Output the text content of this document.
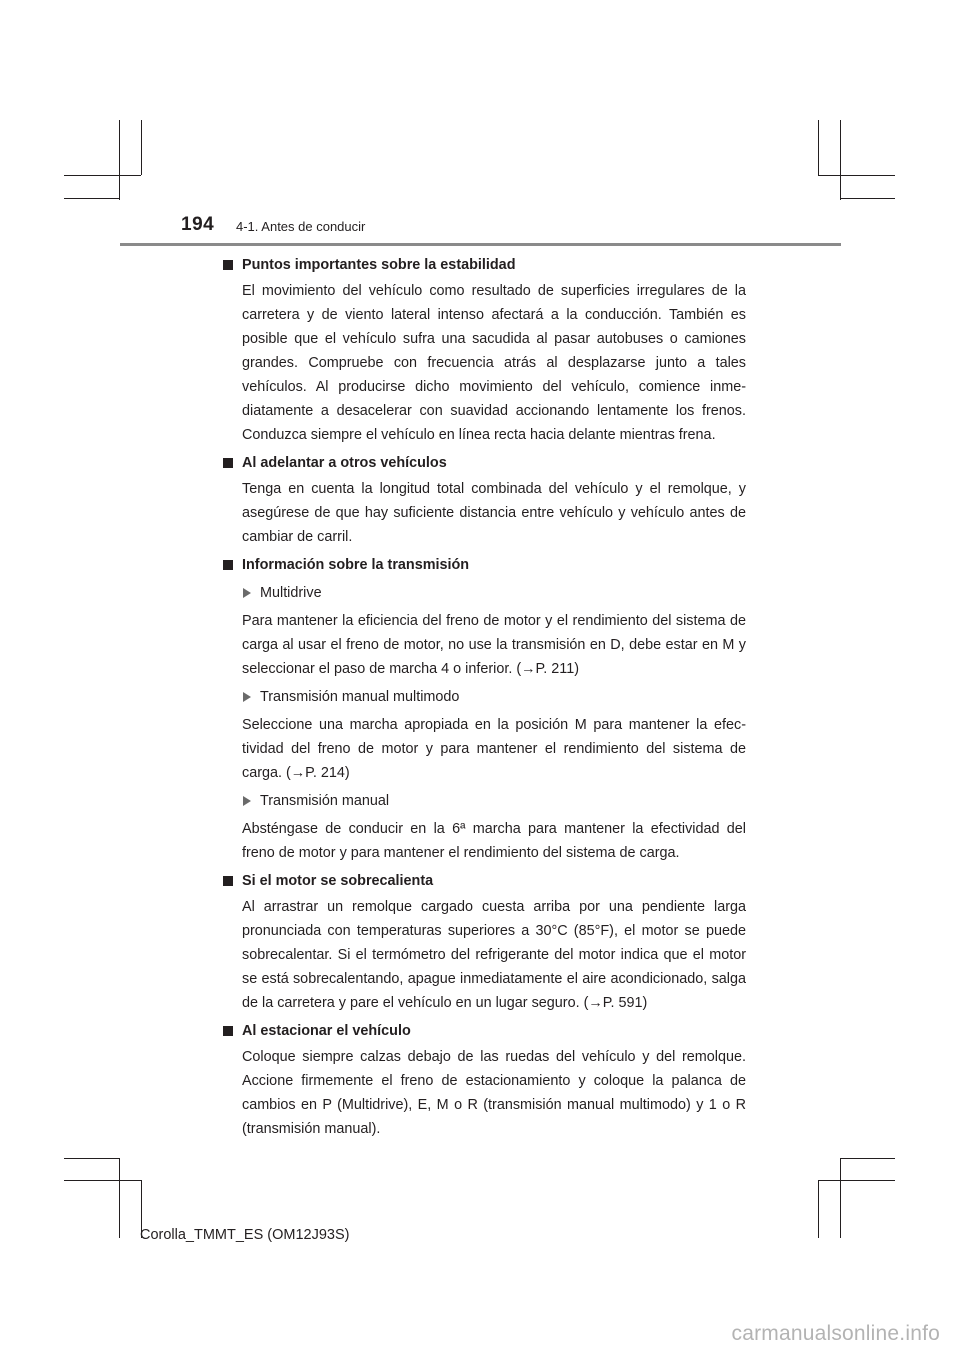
194 4-1. Antes de conducir
Puntos importantes sobre la estabilidad
El movimiento del vehículo como resultado de superficies irregulares de la carretera y de viento lateral intenso afectará a la conducción. También es posible que el vehículo sufra una sacudida al pasar autobuses o camiones grandes. Compruebe con frecuencia atrás al desplazarse junto a tales vehículos. Al producirse dicho movimiento del vehículo, comience inme-diatamente a desacelerar con suavidad accionando lentamente los frenos. Conduzca siempre el vehículo en línea recta hacia delante mientras frena.
Al adelantar a otros vehículos
Tenga en cuenta la longitud total combinada del vehículo y el remolque, y asegúrese de que hay suficiente distancia entre vehículo y vehículo antes de cambiar de carril.
Información sobre la transmisión
Multidrive
Para mantener la eficiencia del freno de motor y el rendimiento del sistema de carga al usar el freno de motor, no use la transmisión en D, debe estar en M y seleccionar el paso de marcha 4 o inferior. (→P. 211)
Transmisión manual multimodo
Seleccione una marcha apropiada en la posición M para mantener la efec-tividad del freno de motor y para mantener el rendimiento del sistema de carga. (→P. 214)
Transmisión manual
Absténgase de conducir en la 6ª marcha para mantener la efectividad del freno de motor y para mantener el rendimiento del sistema de carga.
Si el motor se sobrecalienta
Al arrastrar un remolque cargado cuesta arriba por una pendiente larga pronunciada con temperaturas superiores a 30°C (85°F), el motor se puede sobrecalentar. Si el termómetro del refrigerante del motor indica que el motor se está sobrecalentando, apague inmediatamente el aire acondicionado, salga de la carretera y pare el vehículo en un lugar seguro. (→P. 591)
Al estacionar el vehículo
Coloque siempre calzas debajo de las ruedas del vehículo y del remolque. Accione firmemente el freno de estacionamiento y coloque la palanca de cambios en P (Multidrive), E, M o R (transmisión manual multimodo) y 1 o R (transmisión manual).
Corolla_TMMT_ES (OM12J93S)
carmanualsonline.info
